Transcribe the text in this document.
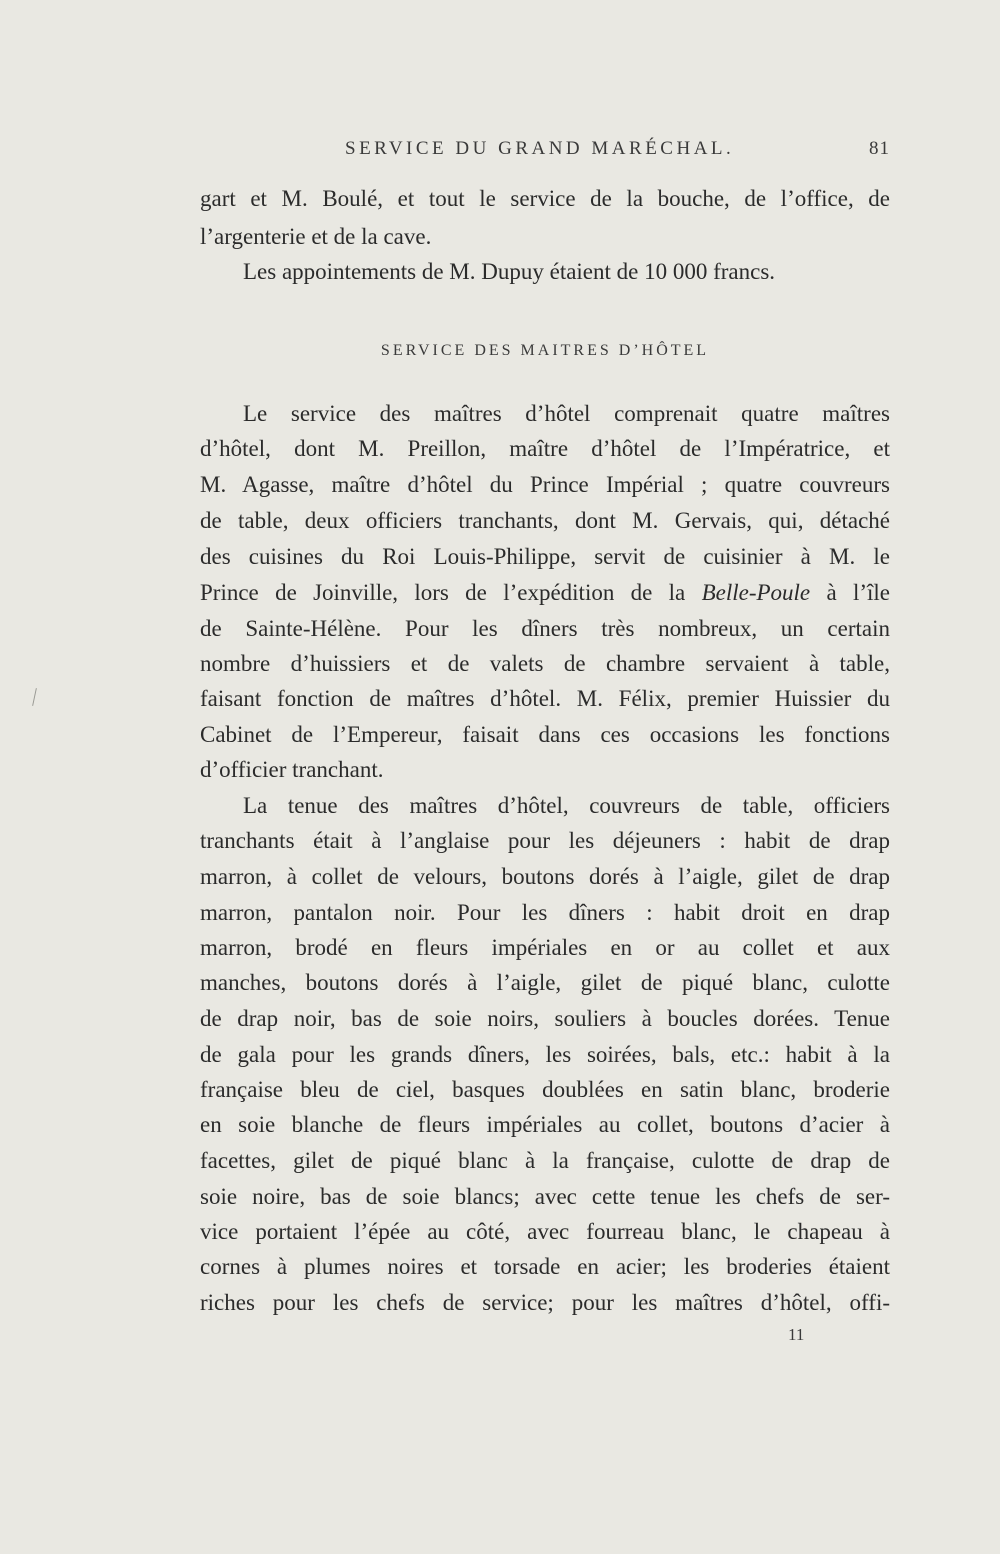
SERVICE DU GRAND MARÉCHAL.	81
gart et M. Boulé, et tout le service de la bouche, de l’office, de
l’argenterie et de la cave.
Les appointements de M. Dupuy étaient de 10 000 francs.
SERVICE DES MAITRES D’HÔTEL
Le service des maîtres d’hôtel comprenait quatre maîtres
d’hôtel, dont M. Preillon, maître d’hôtel de l’Impératrice, et
M. Agasse, maître d’hôtel du Prince Impérial ; quatre couvreurs
de table, deux officiers tranchants, dont M. Gervais, qui, détaché
des cuisines du Roi Louis-Philippe, servit de cuisinier à M. le
Prince de Joinville, lors de l’expédition de la Belle-Poule à l’île
de Sainte-Hélène. Pour les dîners très nombreux, un certain
nombre d’huissiers et de valets de chambre servaient à table,
faisant fonction de maîtres d’hôtel. M. Félix, premier Huissier du
Cabinet de l’Empereur, faisait dans ces occasions les fonctions
d’officier tranchant.
La tenue des maîtres d’hôtel, couvreurs de table, officiers
tranchants était à l’anglaise pour les déjeuners : habit de drap
marron, à collet de velours, boutons dorés à l’aigle, gilet de drap
marron, pantalon noir. Pour les dîners : habit droit en drap
marron, brodé en fleurs impériales en or au collet et aux
manches, boutons dorés à l’aigle, gilet de piqué blanc, culotte
de drap noir, bas de soie noirs, souliers à boucles dorées. Tenue
de gala pour les grands dîners, les soirées, bals, etc.: habit à la
française bleu de ciel, basques doublées en satin blanc, broderie
en soie blanche de fleurs impériales au collet, boutons d’acier à
facettes, gilet de piqué blanc à la française, culotte de drap de
soie noire, bas de soie blancs; avec cette tenue les chefs de ser-
vice portaient l’épée au côté, avec fourreau blanc, le chapeau à
cornes à plumes noires et torsade en acier; les broderies étaient
riches pour les chefs de service; pour les maîtres d’hôtel, offi-
11
